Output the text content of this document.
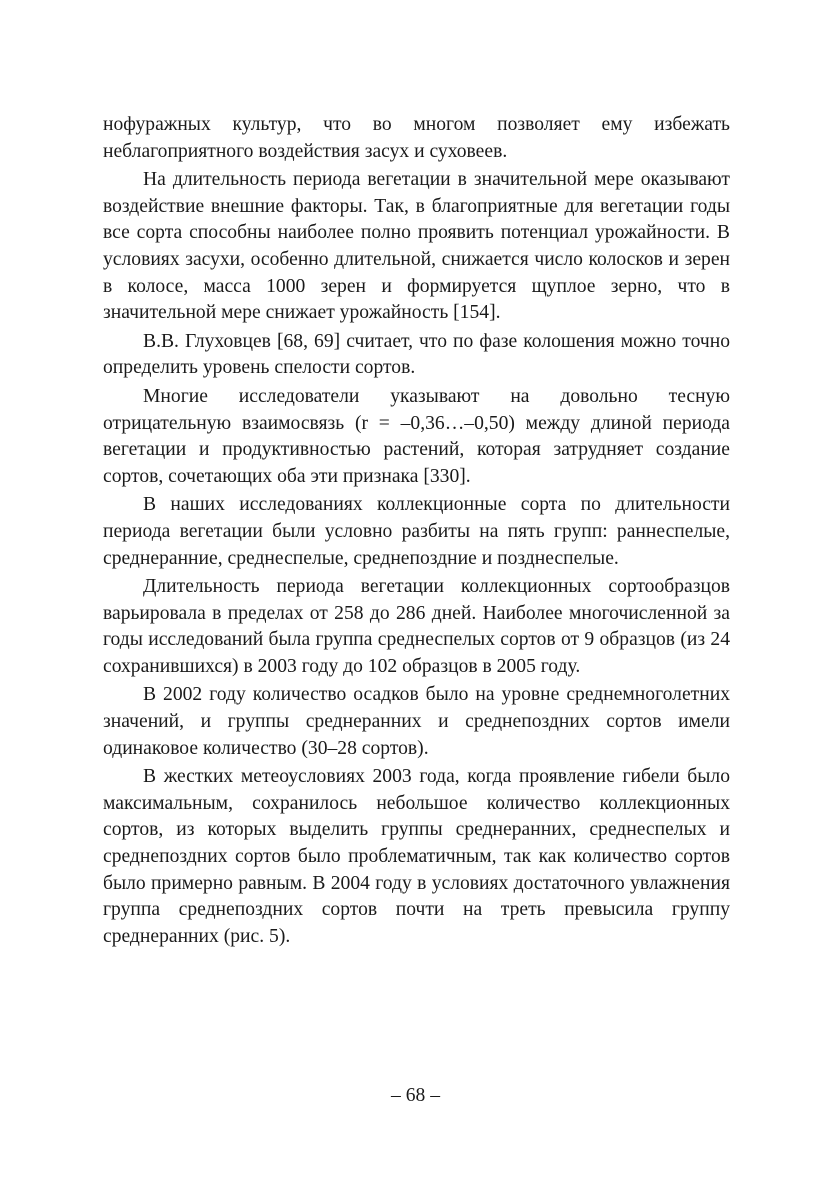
нофуражных культур, что во многом позволяет ему избежать неблагоприятного воздействия засух и суховеев.

На длительность периода вегетации в значительной мере оказывают воздействие внешние факторы. Так, в благоприятные для вегетации годы все сорта способны наиболее полно проявить потенциал урожайности. В условиях засухи, особенно длительной, снижается число колосков и зерен в колосе, масса 1000 зерен и формируется щуплое зерно, что в значительной мере снижает урожайность [154].

В.В. Глуховцев [68, 69] считает, что по фазе колошения можно точно определить уровень спелости сортов.

Многие исследователи указывают на довольно тесную отрицательную взаимосвязь (r = –0,36…–0,50) между длиной периода вегетации и продуктивностью растений, которая затрудняет создание сортов, сочетающих оба эти признака [330].

В наших исследованиях коллекционные сорта по длительности периода вегетации были условно разбиты на пять групп: раннеспелые, среднеранние, среднеспелые, среднепоздние и позднеспелые.

Длительность периода вегетации коллекционных сортообразцов варьировала в пределах от 258 до 286 дней. Наиболее многочисленной за годы исследований была группа среднеспелых сортов от 9 образцов (из 24 сохранившихся) в 2003 году до 102 образцов в 2005 году.

В 2002 году количество осадков было на уровне среднемноголетних значений, и группы среднеранних и среднепоздних сортов имели одинаковое количество (30–28 сортов).

В жестких метеоусловиях 2003 года, когда проявление гибели было максимальным, сохранилось небольшое количество коллекционных сортов, из которых выделить группы среднеранних, среднеспелых и среднепоздних сортов было проблематичным, так как количество сортов было примерно равным. В 2004 году в условиях достаточного увлажнения группа среднепоздних сортов почти на треть превысила группу среднеранних (рис. 5).

– 68 –
